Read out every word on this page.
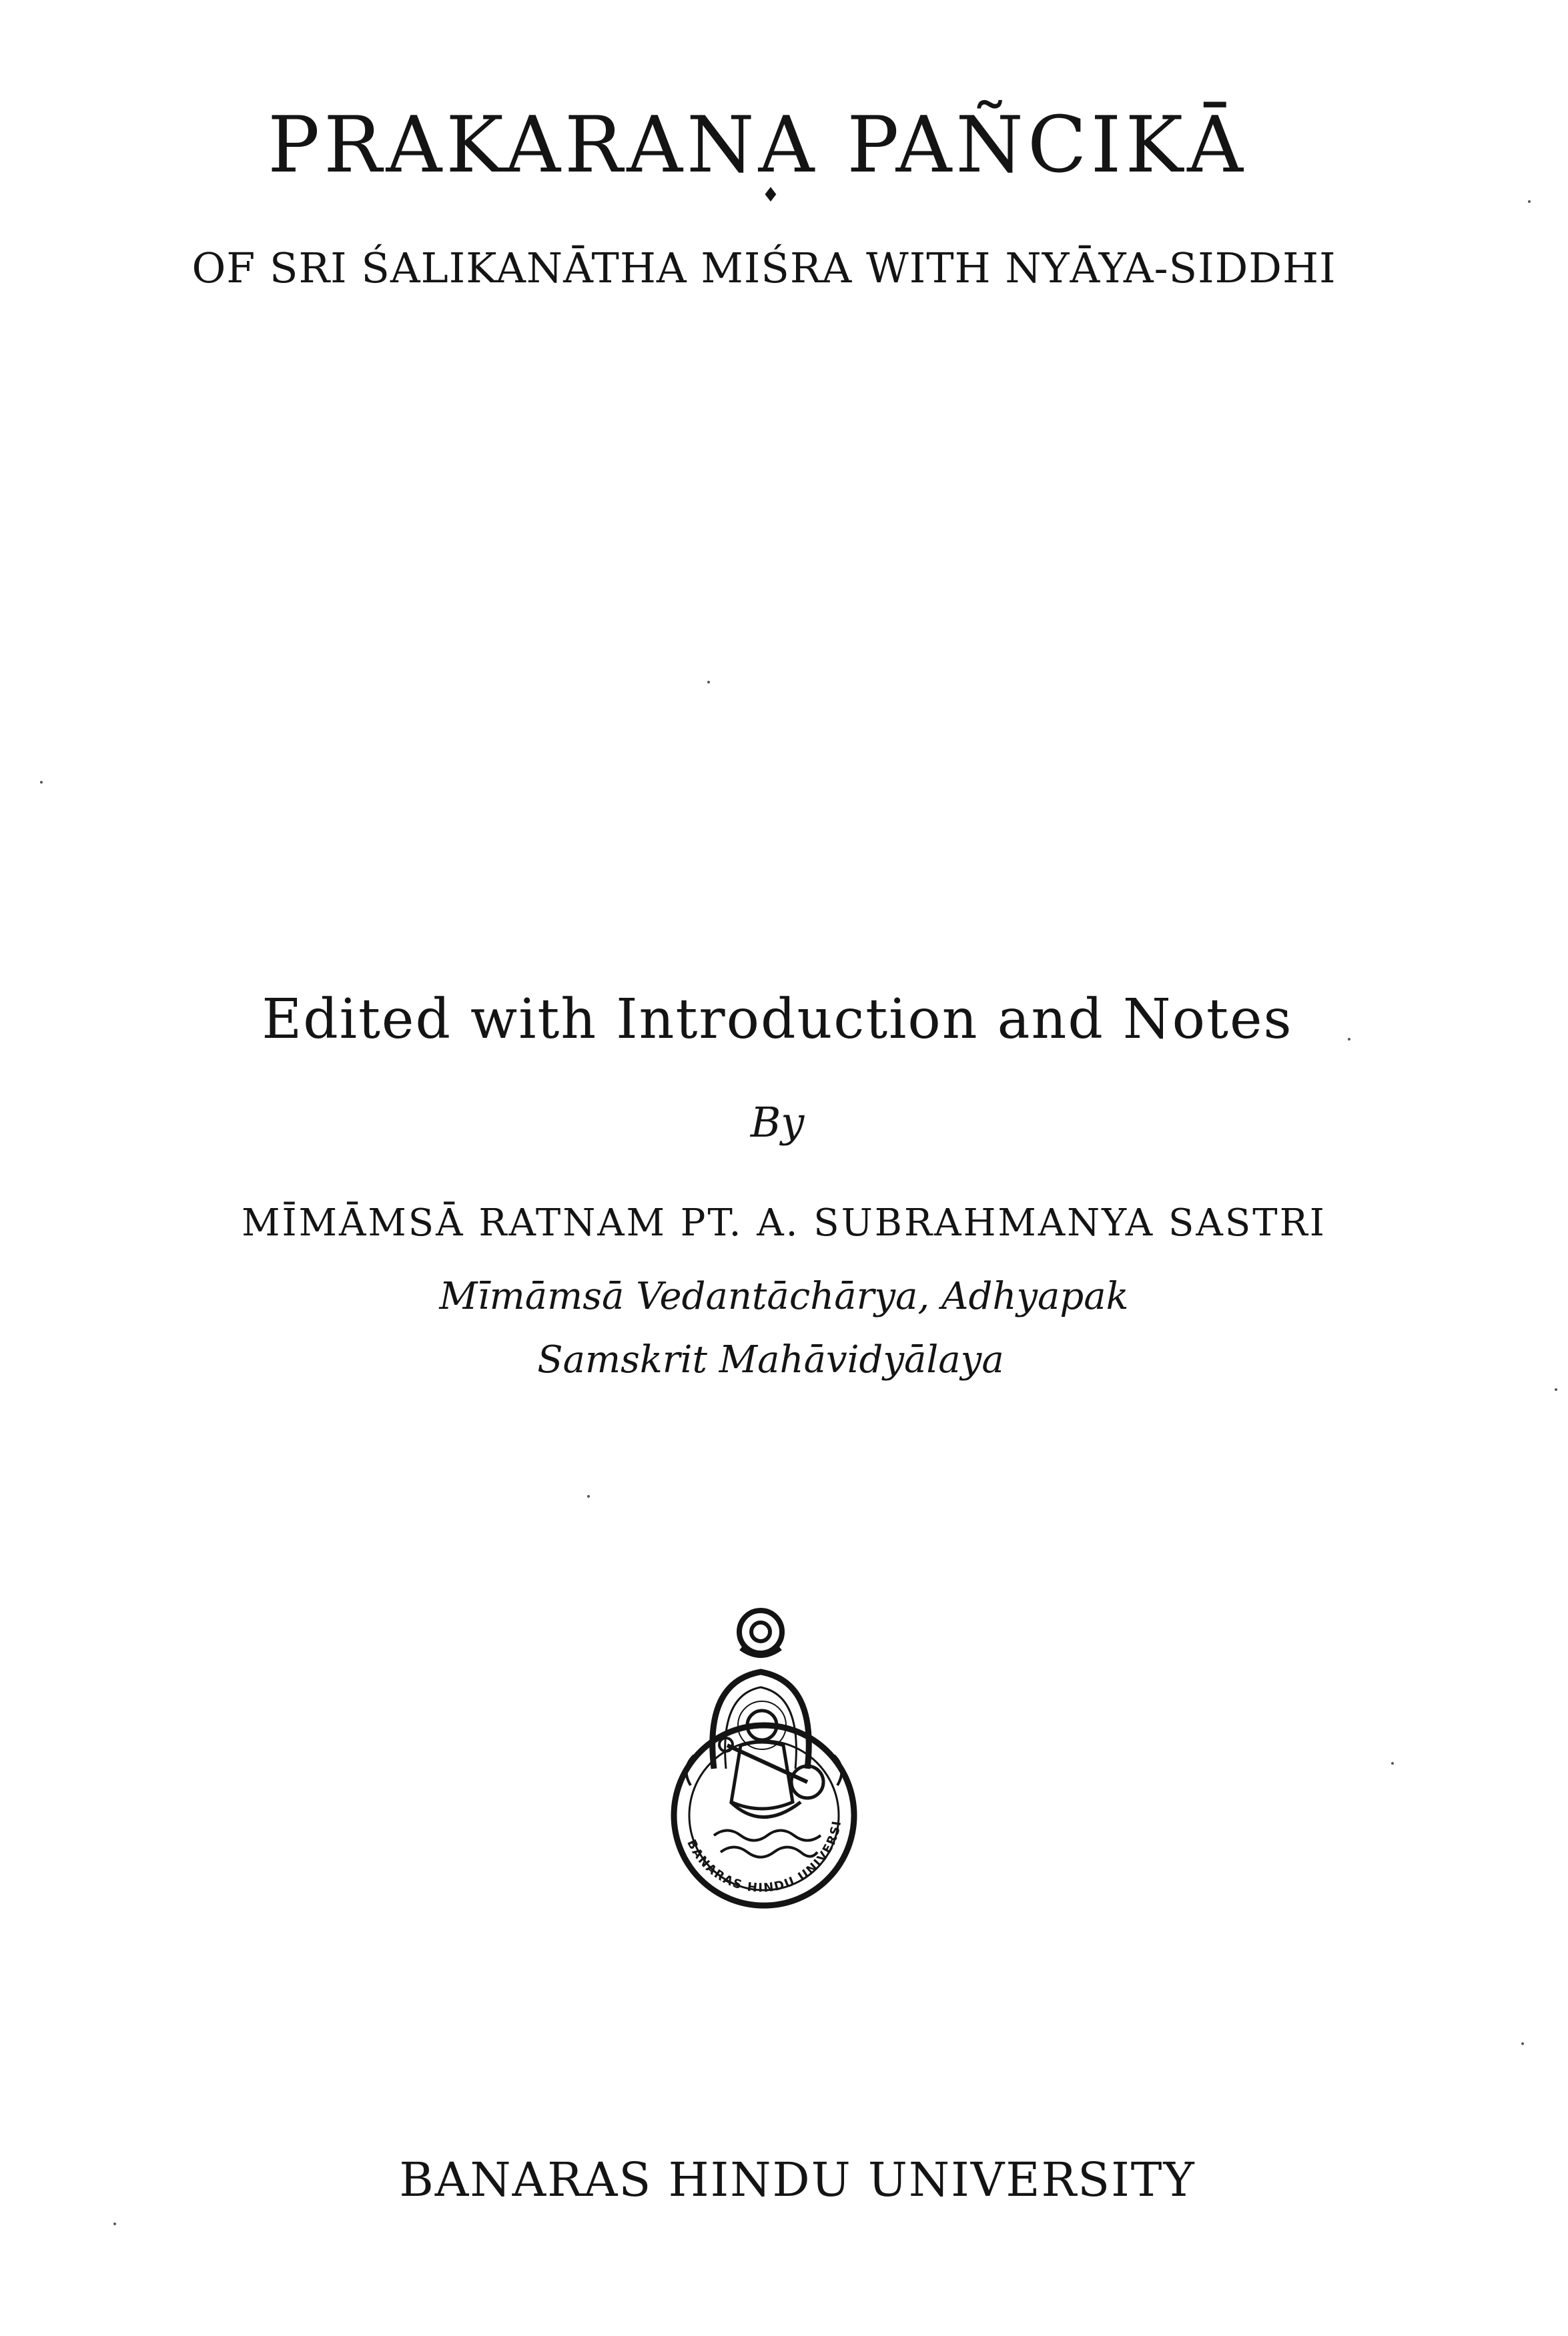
PRAKARANA PAÑCIKĀ
♦
OF SRI ŚALIKANĀTHA MIŚRA WITH NYĀYA-SIDDHI
Edited with Introduction and Notes
By
MĪMĀMSĀ RATNAM PT. A. SUBRAHMANYA SASTRI
Mīmāmsā Vedantāchārya, Adhyapak
Samskrit Mahāvidyālaya
BANARAS HINDU UNIVERSI
BANARAS HINDU UNIVERSITY
